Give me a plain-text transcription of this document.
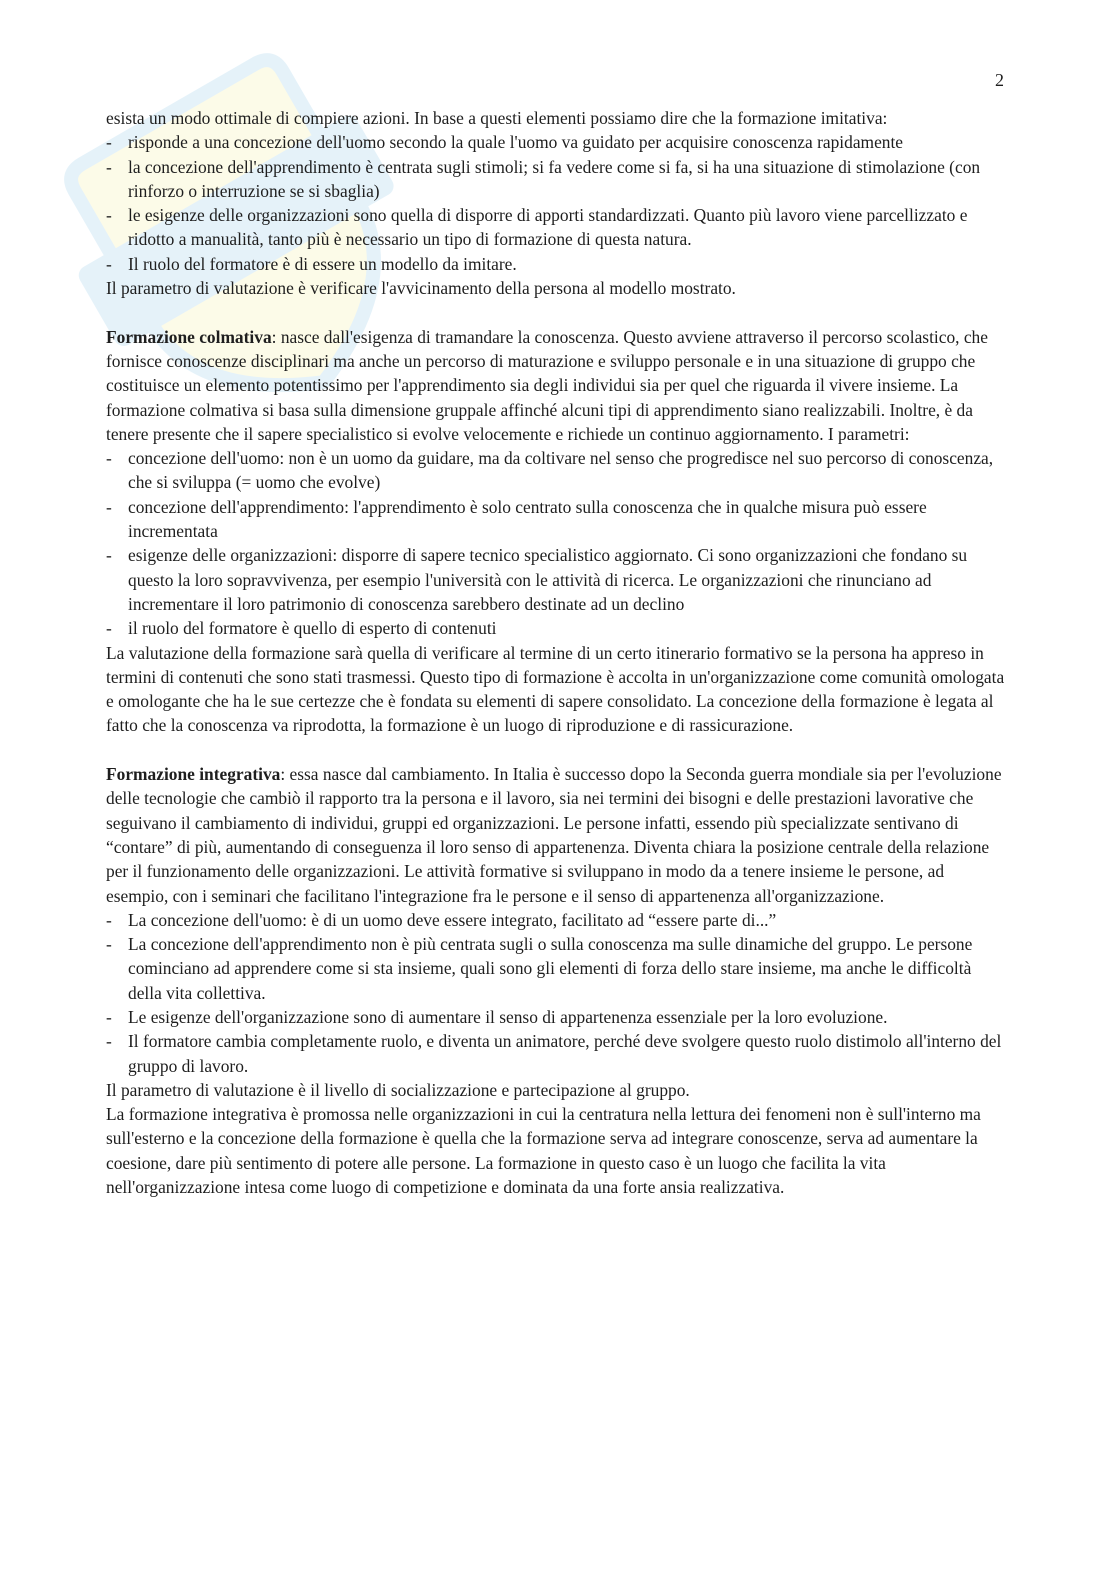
2

esista un modo ottimale di compiere azioni. In base a questi elementi possiamo dire che la formazione imitativa:

- risponde a una concezione dell'uomo secondo la quale l'uomo va guidato per acquisire conoscenza rapidamente
- la concezione dell'apprendimento è centrata sugli stimoli; si fa vedere come si fa, si ha una situazione di stimolazione (con rinforzo o interruzione se si sbaglia)
- le esigenze delle organizzazioni sono quella di disporre di apporti standardizzati. Quanto più lavoro viene parcellizzato e ridotto a manualità, tanto più è necessario un tipo di formazione di questa natura.
- Il ruolo del formatore è di essere un modello da imitare.

Il parametro di valutazione è verificare l'avvicinamento della persona al modello mostrato.

Formazione colmativa: nasce dall'esigenza di tramandare la conoscenza. Questo avviene attraverso il percorso scolastico, che fornisce conoscenze disciplinari ma anche un percorso di maturazione e sviluppo personale e in una situazione di gruppo che costituisce un elemento potentissimo per l'apprendimento sia degli individui sia per quel che riguarda il vivere insieme. La formazione colmativa si basa sulla dimensione gruppale affinché alcuni tipi di apprendimento siano realizzabili. Inoltre, è da tenere presente che il sapere specialistico si evolve velocemente e richiede un continuo aggiornamento. I parametri:

- concezione dell'uomo: non è un uomo da guidare, ma da coltivare nel senso che progredisce nel suo percorso di conoscenza, che si sviluppa (= uomo che evolve)
- concezione dell'apprendimento: l'apprendimento è solo centrato sulla conoscenza che in qualche misura può essere incrementata
- esigenze delle organizzazioni: disporre di sapere tecnico specialistico aggiornato. Ci sono organizzazioni che fondano su questo la loro sopravvivenza, per esempio l'università con le attività di ricerca. Le organizzazioni che rinunciano ad incrementare il loro patrimonio di conoscenza sarebbero destinate ad un declino
- il ruolo del formatore è quello di esperto di contenuti

La valutazione della formazione sarà quella di verificare al termine di un certo itinerario formativo se la persona ha appreso in termini di contenuti che sono stati trasmessi. Questo tipo di formazione è accolta in un'organizzazione come comunità omologata e omologante che ha le sue certezze che è fondata su elementi di sapere consolidato. La concezione della formazione è legata al fatto che la conoscenza va riprodotta, la formazione è un luogo di riproduzione e di rassicurazione.

Formazione integrativa: essa nasce dal cambiamento. In Italia è successo dopo la Seconda guerra mondiale sia per l'evoluzione delle tecnologie che cambiò il rapporto tra la persona e il lavoro, sia nei termini dei bisogni e delle prestazioni lavorative che seguivano il cambiamento di individui, gruppi ed organizzazioni. Le persone infatti, essendo più specializzate sentivano di “contare” di più, aumentando di conseguenza il loro senso di appartenenza. Diventa chiara la posizione centrale della relazione per il funzionamento delle organizzazioni. Le attività formative si sviluppano in modo da a tenere insieme le persone, ad esempio, con i seminari che facilitano l'integrazione fra le persone e il senso di appartenenza all'organizzazione.

- La concezione dell'uomo: è di un uomo deve essere integrato, facilitato ad “essere parte di...”
- La concezione dell'apprendimento non è più centrata sugli o sulla conoscenza ma sulle dinamiche del gruppo. Le persone cominciano ad apprendere come si sta insieme, quali sono gli elementi di forza dello stare insieme, ma anche le difficoltà della vita collettiva.
- Le esigenze dell'organizzazione sono di aumentare il senso di appartenenza essenziale per la loro evoluzione.
- Il formatore cambia completamente ruolo, e diventa un animatore, perché deve svolgere questo ruolo distimolo all'interno del gruppo di lavoro.

Il parametro di valutazione è il livello di socializzazione e partecipazione al gruppo.

La formazione integrativa è promossa nelle organizzazioni in cui la centratura nella lettura dei fenomeni non è sull'interno ma sull'esterno e la concezione della formazione è quella che la formazione serva ad integrare conoscenze, serva ad aumentare la coesione, dare più sentimento di potere alle persone. La formazione in questo caso è un luogo che facilita la vita nell'organizzazione intesa come luogo di competizione e dominata da una forte ansia realizzativa.
